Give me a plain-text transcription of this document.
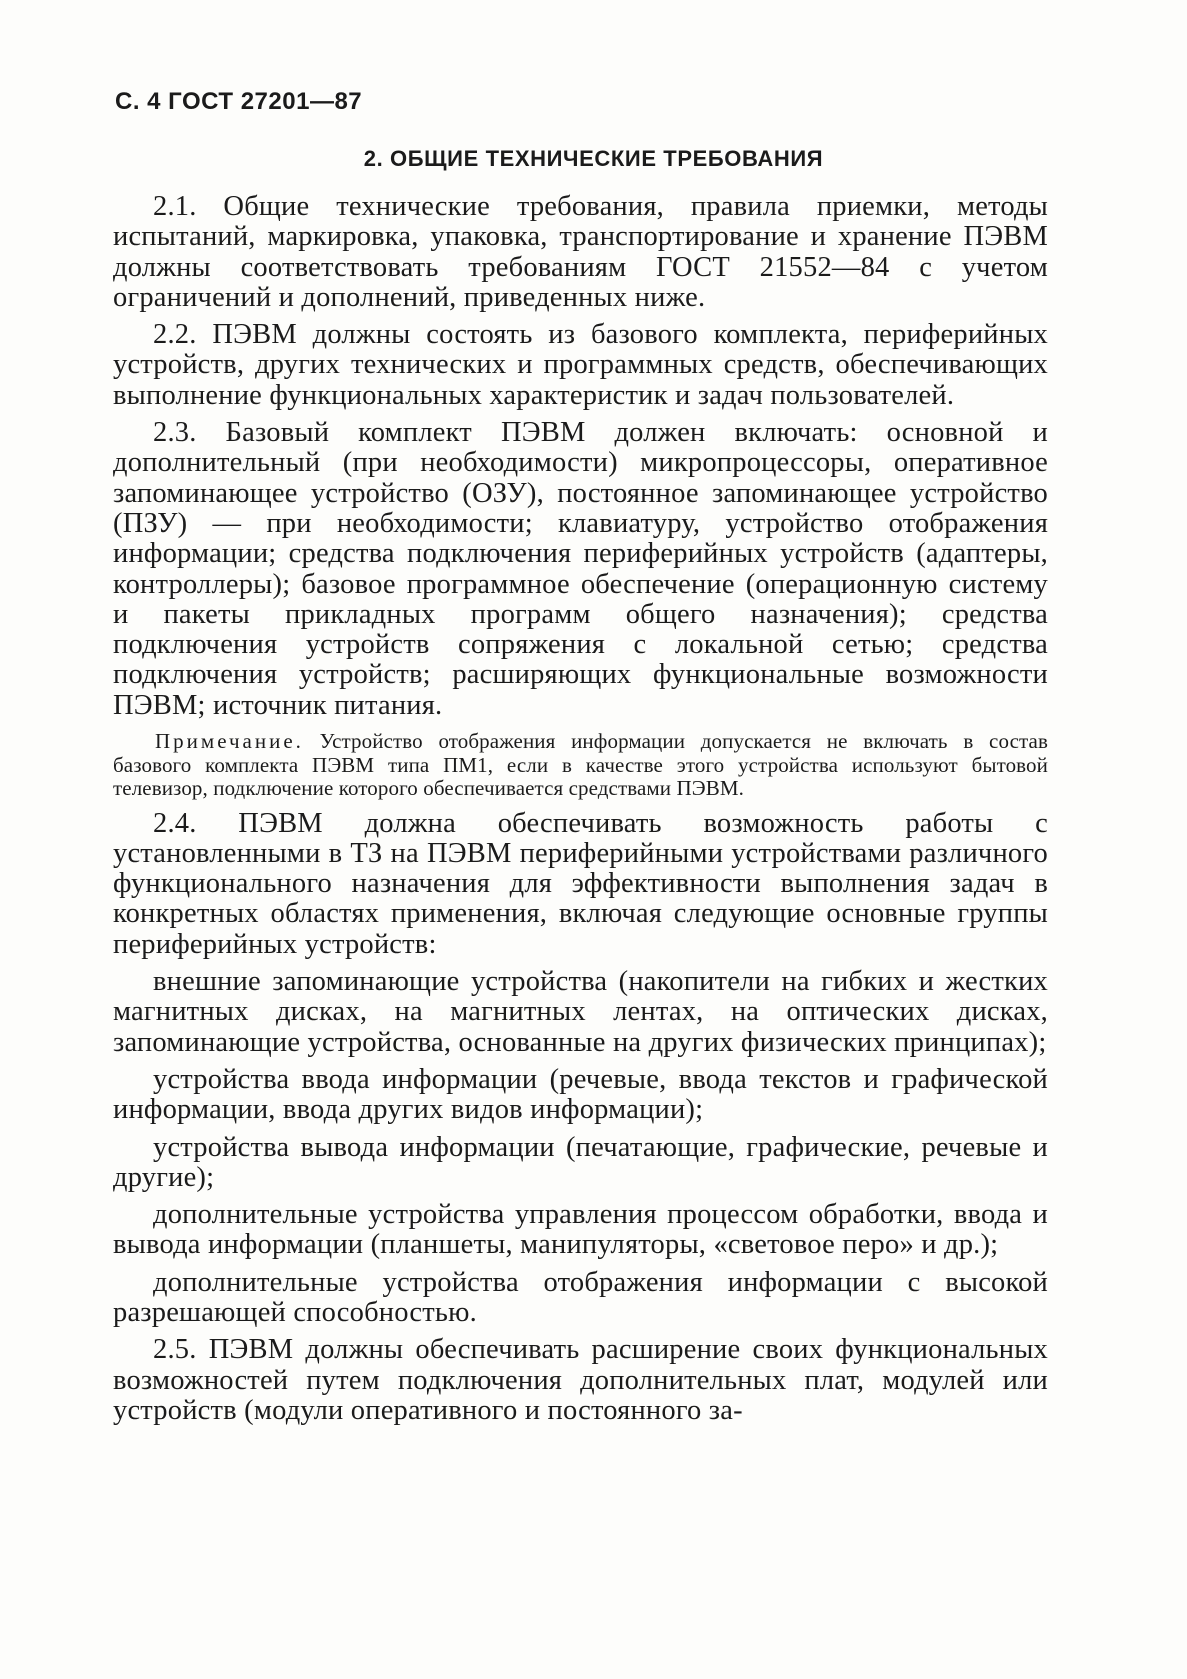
С. 4 ГОСТ 27201—87
2. ОБЩИЕ ТЕХНИЧЕСКИЕ ТРЕБОВАНИЯ

2.1. Общие технические требования, правила приемки, методы испытаний, маркировка, упаковка, транспортирование и хранение ПЭВМ должны соответствовать требованиям ГОСТ 21552—84 с учетом ограничений и дополнений, приведенных ниже.

2.2. ПЭВМ должны состоять из базового комплекта, периферийных устройств, других технических и программных средств, обеспечивающих выполнение функциональных характеристик и задач пользователей.

2.3. Базовый комплект ПЭВМ должен включать: основной и дополнительный (при необходимости) микропроцессоры, оперативное запоминающее устройство (ОЗУ), постоянное запоминающее устройство (ПЗУ) — при необходимости; клавиатуру, устройство отображения информации; средства подключения периферийных устройств (адаптеры, контроллеры); базовое программное обеспечение (операционную систему и пакеты прикладных программ общего назначения); средства подключения устройств сопряжения с локальной сетью; средства подключения устройств; расширяющих функциональные возможности ПЭВМ; источник питания.

Примечание. Устройство отображения информации допускается не включать в состав базового комплекта ПЭВМ типа ПМ1, если в качестве этого устройства используют бытовой телевизор, подключение которого обеспечивается средствами ПЭВМ.

2.4. ПЭВМ должна обеспечивать возможность работы с установленными в ТЗ на ПЭВМ периферийными устройствами различного функционального назначения для эффективности выполнения задач в конкретных областях применения, включая следующие основные группы периферийных устройств:

внешние запоминающие устройства (накопители на гибких и жестких магнитных дисках, на магнитных лентах, на оптических дисках, запоминающие устройства, основанные на других физических принципах);

устройства ввода информации (речевые, ввода текстов и графической информации, ввода других видов информации);

устройства вывода информации (печатающие, графические, речевые и другие);

дополнительные устройства управления процессом обработки, ввода и вывода информации (планшеты, манипуляторы, «световое перо» и др.);

дополнительные устройства отображения информации с высокой разрешающей способностью.

2.5. ПЭВМ должны обеспечивать расширение своих функциональных возможностей путем подключения дополнительных плат, модулей или устройств (модули оперативного и постоянного за-
